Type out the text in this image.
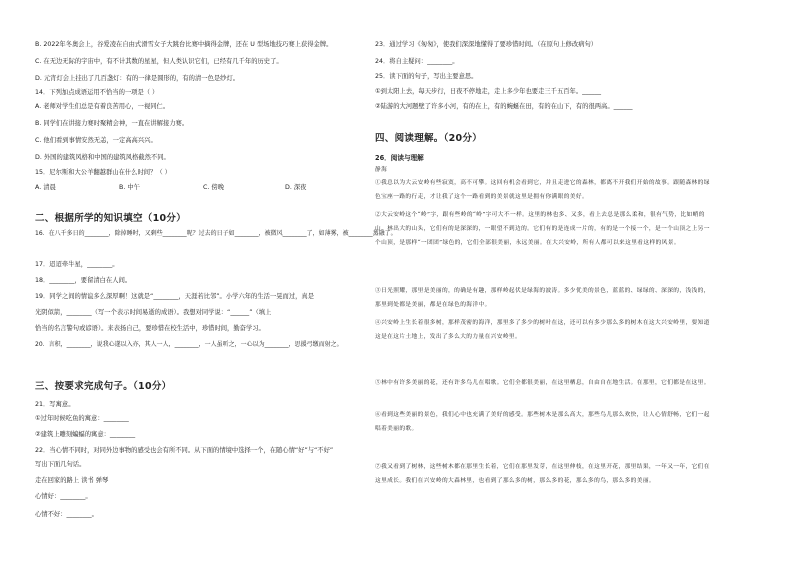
B. 2022年冬奥会上，谷爱凌在自由式滑雪女子大跳台比赛中摘得金牌，还在 U 型场地技巧赛上获得金牌。
C. 在无边无际的宇宙中，有不计其数的星星，但人类认识它们，已经有几千年的历史了。
D. 元宵灯会上挂出了几百盏灯：有的一律是圆形的，有的清一色是纱灯。
14．下列加点成语运用不恰当的一项是（ ）
A. 老师对学生们总是有着良苦用心，一视同仁。
B. 同学们在讲接力赛时聚精会神，一直在讲解接力赛。
C. 他们看到事情安然无恙，一定高高兴兴。
D. 外国的建筑风格和中国的建筑风格截然不同。
15．尼尔斯和大公羊翻越群山在什么时间？（ ）
A. 清晨	B. 中午	C. 傍晚	D. 深夜
二、根据所学的知识填空（10分）
16．在八千多日的________，除掉睡时，又剩些________呢？过去的日子如________，被微风________了，如薄雾，被________蒸融了。
17．迢迢牵牛星，________。
18．________，要留清白在人间。
19．同学之间的情谊多么深厚啊！这就是“________，天涯若比邻”。小学六年的生活一晃而过，真是
光阴似箭，________（写一个表示时间易逝的成语）。我想对同学说：“______”（填上
恰当的名言警句或谚语）。来表扬自己，要珍惜在校生活中，珍惜时间，勤奋学习。
20．言积，________，说我心遂以入亦，其人一人，________，一人虽听之，一心以为________，思援弓缴而射之。
三、按要求完成句子。（10分）
21．写寓意。
①过年时候吃鱼的寓意：________
②建筑上雕刻蝙蝠的寓意：________
22．当心情不同时，对同外边事物的感受也会有所不同。从下面的情境中选择一个，在随心情“好”与“不好”
写出下面几句话。
走在回家的路上 读书 弹琴
心情好：________。
心情不好：________。
23．通过学习《匆匆》，使我们深深地懂得了要珍惜时间。（在原句上修改病句）
24．将自主疑问：________。
25．读下面的句子，写出主要意思。
①到太阳上去，每天步行，日夜不停地走，走上多少年也要走三千五百年。______
②陆游的大河题壁了许多小河，有的在上，有的蜿蜒在田，有的在山下，有的很两高。______
四、阅读理解。（20分）
26．阅读与理解
静海
①我总以为大云安岭有些寂寞，高不可攀。这回有机会看到它，并且走进它的森林，都离不开我们开始的故事。跟随森林的绿色宝座一路的行走，才让我了这个一路看到的美景就这里是拥有你满眼的美好。
②大云安岭这个“岭”字，跟有些岭的“岭”字可大不一样。这里的林也多、又多，看上去总是那么柔和，很有气势，比如峭的山、林出大的山头，它们有的是深深的，一眼望不到边的。它们有的是连成一片的，有的是一个接一个，是一个山顶之上另一个山顶，是那样“一团团”绿色的，它们全部很美丽，永远美丽。在大兴安岭，所有人都可以来这里看这样的风景。
③日光照耀，那里是美丽的，的确是有趣，那样岭起伏是绿海的波涛。多少优美的景色，蓝蓝的、绿绿的、深深的，浅浅的，那里到处都是美丽，都是在绿色的海洋中。
④兴安岭上生长着很多树，那样茂密的海洋，那里多了多少的树叶在这，还可以有多少那么多的树木在这大兴安岭里，要知道这是在这片土地上，发出了多么大的力量在兴安岭里。
⑤林中有许多美丽的花，还有许多鸟儿在唱歌。它们全都很美丽，在这里栖息，自由自在地生活。在那里，它们都是在这里。
⑥看到这些美丽的景色，我们心中也充满了美好的感受。那些树木是那么高大，那些鸟儿那么欢快，让人心情舒畅，它们一起唱着美丽的歌。
⑦我又看到了树林，这些树木都在那里生长着，它们在那里发芽，在这里伸枝，在这里开花，那里结果，一年又一年，它们在这里成长。我们在兴安岭的大森林里，也看到了那么多的树，那么多的花，那么多的鸟，那么多的美丽。
